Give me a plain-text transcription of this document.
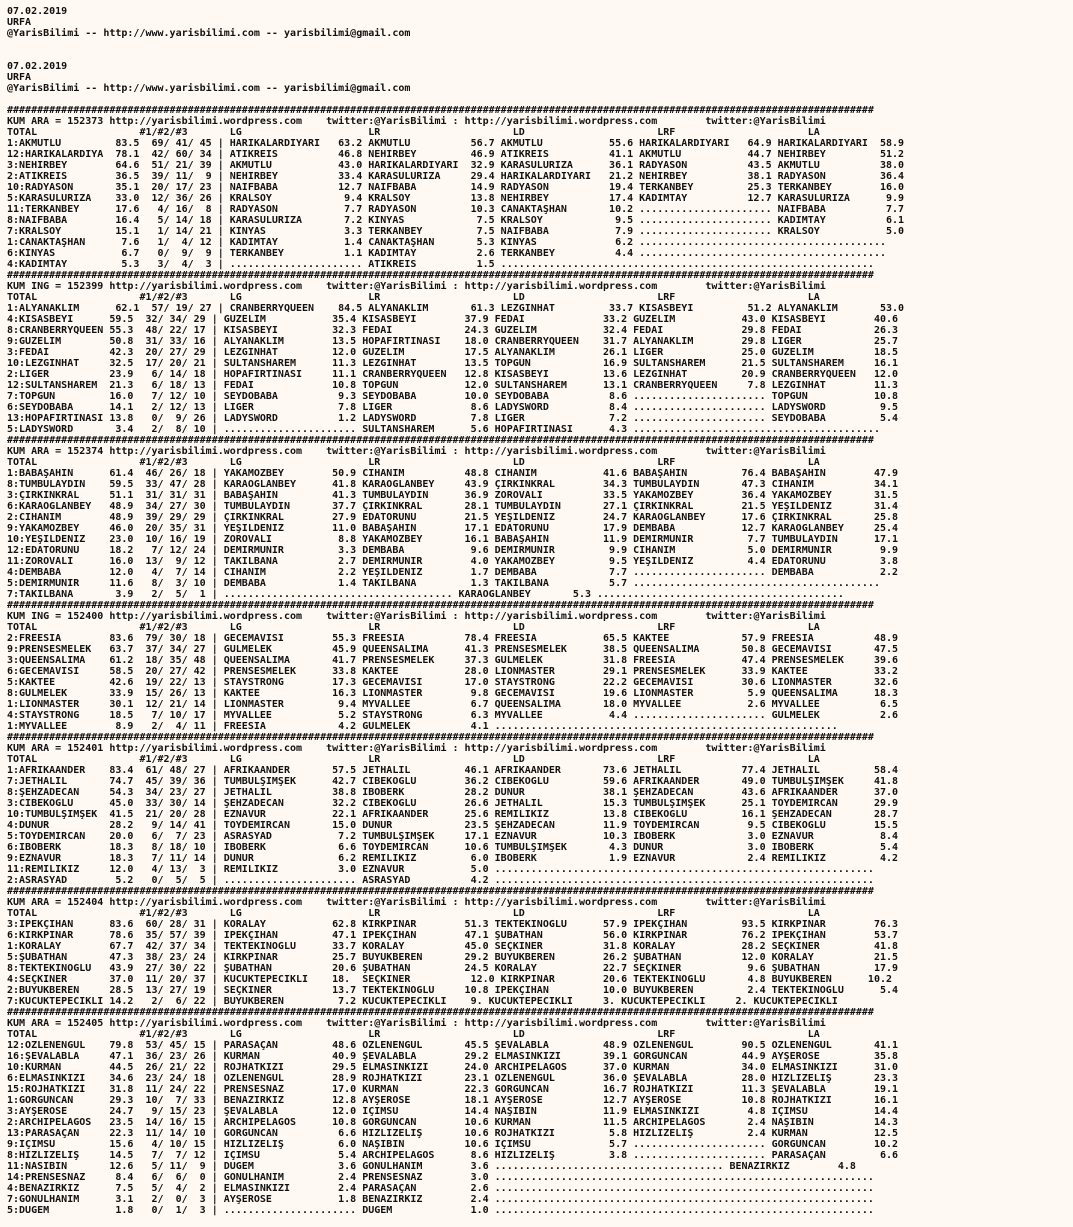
07.02.2019
URFA
@YarisBilimi -- http://www.yarisbilimi.com -- yarisbilimi@gmail.com

07.02.2019
URFA
@YarisBilimi -- http://www.yarisbilimi.com -- yarisbilimi@gmail.com

################################################################################################################################################
KUM ARA = 152373 http://yarisbilimi.wordpress.com    twitter:@YarisBilimi : http://yarisbilimi.wordpress.com        twitter:@YarisBilimi
TOTAL                 #1/#2/#3       LG                     LR                      LD                      LRF                      LA
1:AKMUTLU         83.5  69/ 41/ 45 | HARİKALARDİYARİ   63.2 AKMUTLU          56.7 AKMUTLU           55.6 HARİKALARDİYARİ   64.9 HARİKALARDİYARİ  58.9
12:HARİKALARDİYA  78.1  42/ 60/ 34 | ATİKREİS          46.8 NEHİRBEY         46.9 ATİKREİS          41.1 AKMUTLU           44.7 NEHİRBEY         51.2
3:NEHİRBEY        64.6  51/ 21/ 39 | AKMUTLU           43.0 HARİKALARDİYARİ  32.9 KARASULURİZA      36.1 RADYASON          43.5 AKMUTLU          38.0
2:ATİKREİS        36.5  39/ 11/  9 | NEHİRBEY          33.4 KARASULURİZA     29.4 HARİKALARDİYARİ   21.2 NEHİRBEY          38.1 RADYASON         36.4
10:RADYASON       35.1  20/ 17/ 23 | NAİFBABA          12.7 NAİFBABA         14.9 RADYASON          19.4 TERKANBEY         25.3 TERKANBEY        16.0
5:KARASULURİZA    33.0  12/ 36/ 26 | KRALSOY            9.4 KRALSOY          13.8 NEHİRBEY          17.4 KADİMTAY          12.7 KARASULURİZA      9.9
11:TERKANBEY      17.6   4/ 16/  8 | RADYASON           7.7 RADYASON         10.3 CANAKTAŞHAN       10.2 ...................... NAİFBABA          7.7
8:NAİFBABA        16.4   5/ 14/ 18 | KARASULURİZA       7.2 KİNYAS            7.5 KRALSOY            9.5 ...................... KADİMTAY          6.1
7:KRALSOY         15.1   1/ 14/ 21 | KİNYAS             3.3 TERKANBEY         7.5 NAİFBABA           7.9 ...................... KRALSOY           5.0
1:CANAKTAŞHAN      7.6   1/  4/ 12 | KADİMTAY           1.4 CANAKTAŞHAN       5.3 KİNYAS             6.2 .........................................
6:KİNYAS           6.7   0/  9/  9 | TERKANBEY          1.1 KADİMTAY          2.6 TERKANBEY          4.4 .........................................
4:KADİMTAY         5.3   3/  4/  3 | ...................... ATİKREİS          1.5 ..............................................................
################################################################################################################################################
KUM ING = 152399 http://yarisbilimi.wordpress.com    twitter:@YarisBilimi : http://yarisbilimi.wordpress.com        twitter:@YarisBilimi
TOTAL                 #1/#2/#3       LG                     LR                      LD                      LRF                      LA
1:ALYANAKLIM      62.1  57/ 19/ 27 | CRANBERRYQUEEN    84.5 ALYANAKLIM       61.3 LEZGİNHAT         33.7 KISASBEYİ         51.2 ALYANAKLIM       53.0
4:KISASBEYİ      59.5  32/ 34/ 29 | GUZELİM           35.4 KISASBEYİ        37.9 FEDAİ             33.2 GUZELİM           43.0 KISASBEYİ        40.6
8:CRANBERRYQUEEN 55.3  48/ 22/ 17 | KISASBEYİ         32.3 FEDAİ            24.3 GUZELİM           32.4 FEDAİ             29.8 FEDAİ            26.3
9:GUZELİM        50.8  31/ 33/ 16 | ALYANAKLIM        13.5 HOPAFIRTINASI    18.0 CRANBERRYQUEEN    31.7 ALYANAKLIM        29.8 LİGER            25.7
3:FEDAİ          42.3  20/ 27/ 29 | LEZGİNHAT         12.0 GUZELİM          17.5 ALYANAKLIM        26.1 LİGER             25.0 GUZELİM          18.5
10:LEZGİNHAT     32.5  17/ 20/ 21 | SULTANSHAREM      11.3 LEZGİNHAT        13.5 TOPGUN            16.9 SULTANSHAREM      21.5 SULTANSHAREM     16.1
2:LİGER          23.9   6/ 14/ 18 | HOPAFIRTINASI     11.1 CRANBERRYQUEEN   12.8 KISASBEYİ         13.6 LEZGİNHAT         20.9 CRANBERRYQUEEN   12.0
12:SULTANSHAREM  21.3   6/ 18/ 13 | FEDAİ             10.8 TOPGUN           12.0 SULTANSHAREM      13.1 CRANBERRYQUEEN     7.8 LEZGİNHAT        11.3
7:TOPGUN         16.0   7/ 12/ 10 | SEYDOBABA          9.3 SEYDOBABA        10.0 SEYDOBABA          8.6 ...................... TOPGUN           10.8
6:SEYDOBABA      14.1   2/ 12/ 13 | LİGER              7.8 LİGER             8.6 LADYSWORD          8.4 ...................... LADYSWORD         9.5
13:HOPAFIRTINASI 13.8   0/  9/ 26 | LADYSWORD          1.2 LADYSWORD         7.8 LİGER              7.2 ...................... SEYDOBABA         5.4
5:LADYSWORD       3.4   2/  8/ 10 | ...................... SULTANSHAREM      5.6 HOPAFIRTINASI      4.3 .........................................
################################################################################################################################################
KUM ARA = 152374 http://yarisbilimi.wordpress.com    twitter:@YarisBilimi : http://yarisbilimi.wordpress.com        twitter:@YarisBilimi
TOTAL                 #1/#2/#3       LG                     LR                      LD                      LRF                      LA
1:BABAŞAHİN      61.4  46/ 26/ 18 | YAKAMOZBEY        50.9 CİHANIM          48.8 CİHANIM           41.6 BABAŞAHİN         76.4 BABAŞAHİN        47.9
8:TUMBULAYDIN    59.5  33/ 47/ 28 | KARAOGLANBEY      41.8 KARAOGLANBEY     43.9 ÇİRKİNKRAL        34.3 TUMBULAYDIN       47.3 CİHANIM          34.1
3:ÇİRKİNKRAL     51.1  31/ 31/ 31 | BABAŞAHİN         41.3 TUMBULAYDIN      36.9 ZOROVALI          33.5 YAKAMOZBEY        36.4 YAKAMOZBEY       31.5
6:KARAOGLANBEY   48.9  34/ 27/ 30 | TUMBULAYDIN       37.7 ÇİRKİNKRAL       28.1 TUMBULAYDIN       27.1 ÇİRKİNKRAL        21.5 YEŞİLDENİZ       31.4
2:CİHANIM        48.9  39/ 29/ 29 | ÇİRKİNKRAL        27.9 EDATORUNU        21.5 YEŞİLDENİZ        24.7 KARAOGLANBEY      17.6 ÇİRKİNKRAL       25.8
9:YAKAMOZBEY     46.0  20/ 35/ 31 | YEŞİLDENİZ        11.0 BABAŞAHİN        17.1 EDATORUNU         17.9 DEMBABA           12.7 KARAOGLANBEY     25.4
10:YEŞİLDENİZ    23.0  10/ 16/ 19 | ZOROVALI           8.8 YAKAMOZBEY       16.1 BABAŞAHİN         11.9 DEMİRMUNİR         7.7 TUMBULAYDIN      17.1
12:EDATORUNU     18.2   7/ 12/ 24 | DEMİRMUNİR         3.3 DEMBABA           9.6 DEMİRMUNİR         9.9 CİHANIM            5.0 DEMİRMUNİR        9.9
11:ZOROVALI      16.0  13/  9/ 12 | TAKILBANA          2.7 DEMİRMUNİR        4.0 YAKAMOZBEY         9.5 YEŞİLDENİZ         4.4 EDATORUNU         3.8
4:DEMBABA        12.0   4/  7/ 14 | CİHANIM            2.2 YEŞİLDENİZ        1.7 DEMBABA            7.7 ...................... DEMBABA           2.2
5:DEMİRMUNİR     11.6   8/  3/ 10 | DEMBABA            1.4 TAKILBANA         1.3 TAKILBANA          5.7 .........................................
7:TAKILBANA       3.9   2/  5/  1 | ...................................... KARAOGLANBEY       5.3 .........................................
################################################################################################################################################
KUM ING = 152400 http://yarisbilimi.wordpress.com    twitter:@YarisBilimi : http://yarisbilimi.wordpress.com        twitter:@YarisBilimi
TOTAL                 #1/#2/#3       LG                     LR                      LD                      LRF                      LA
2:FREESIA        83.6  79/ 30/ 18 | GECEMAVİSİ        55.3 FREESIA          78.4 FREESIA           65.5 KAKTEE            57.9 FREESIA          48.9
9:PRENSESMELEK   63.7  37/ 34/ 27 | GULMELEK          45.9 QUEENSALIMA      41.3 PRENSESMELEK      38.5 QUEENSALIMA       50.8 GECEMAVİSİ       47.5
3:QUEENSALIMA    61.2  18/ 35/ 48 | QUEENSALIMA       41.7 PRENSESMELEK     37.3 GULMELEK          31.8 FREESIA           47.4 PRENSESMELEK     39.6
6:GECEMAVİSİ     58.5  20/ 27/ 42 | PRENSESMELEK      33.8 KAKTEE           28.0 LIONMASTER        29.1 PRENSESMELEK      33.9 KAKTEE           33.2
5:KAKTEE         42.6  19/ 22/ 13 | STAYSTRONG        17.3 GECEMAVİSİ       17.0 STAYSTRONG        22.2 GECEMAVİSİ        30.6 LIONMASTER       32.6
8:GULMELEK       33.9  15/ 26/ 13 | KAKTEE            16.3 LIONMASTER        9.8 GECEMAVİSİ        19.6 LIONMASTER         5.9 QUEENSALIMA      18.3
1:LIONMASTER     30.1  12/ 21/ 14 | LIONMASTER         9.4 MYVALLEE          6.7 QUEENSALIMA       18.0 MYVALLEE           2.6 MYVALLEE          6.5
4:STAYSTRONG     18.5   7/ 10/ 17 | MYVALLEE           5.2 STAYSTRONG        6.3 MYVALLEE           4.4 ...................... GULMELEK          2.6
1:MYVALLEE        8.9   2/  4/ 11 | FREESIA            4.2 GULMELEK          4.1 .........................................................
################################################################################################################################################
KUM ARA = 152401 http://yarisbilimi.wordpress.com    twitter:@YarisBilimi : http://yarisbilimi.wordpress.com        twitter:@YarisBilimi
TOTAL                 #1/#2/#3       LG                     LR                      LD                      LRF                      LA
1:AFRİKAANDER    83.4  61/ 48/ 27 | AFRİKAANDER       57.5 JETHALİL         46.1 AFRİKAANDER       73.6 JETHALİL          77.4 JETHALİL         58.4
7:JETHALİL       74.7  45/ 39/ 36 | TUMBULŞİMŞEK      42.7 CİBEKOGLU        36.2 CİBEKOGLU         59.6 AFRİKAANDER       49.0 TUMBULŞİMŞEK     41.8
8:ŞEHZADECAN     54.3  34/ 23/ 27 | JETHALİL          38.8 İBOBERK          28.2 DUNUR             38.1 ŞEHZADECAN        43.6 AFRİKAANDER      37.0
3:CİBEKOGLU      45.0  33/ 30/ 14 | ŞEHZADECAN        32.2 CİBEKOGLU        26.6 JETHALİL          15.3 TUMBULŞİMŞEK      25.1 TOYDEMİRCAN      29.9
10:TUMBULŞİMŞEK  41.5  21/ 20/ 28 | EZNAVUR           22.1 AFRİKAANDER      25.6 REMİLİKIZ         13.8 CİBEKOGLU         16.1 ŞEHZADECAN       28.7
4:DUNUR          28.2   9/ 14/ 41 | TOYDEMİRCAN       15.0 DUNUR            23.5 ŞEHZADECAN        11.9 TOYDEMİRCAN        9.5 CİBEKOGLU        15.5
5:TOYDEMİRCAN    20.0   6/  7/ 23 | ASRASYAD           7.2 TUMBULŞİMŞEK     17.1 EZNAVUR           10.3 İBOBERK            3.0 EZNAVUR           8.4
6:İBOBERK        18.3   8/ 18/ 10 | İBOBERK            6.6 TOYDEMİRCAN      10.6 TUMBULŞİMŞEK       4.3 DUNUR              3.0 İBOBERK           5.4
9:EZNAVUR        18.3   7/ 11/ 14 | DUNUR              6.2 REMİLİKIZ         6.0 İBOBERK            1.9 EZNAVUR            2.4 REMİLİKIZ         4.2
11:REMİLİKIZ     12.0   4/ 13/  3 | REMİLİKIZ          3.0 EZNAVUR           5.0 ...............................................................
2:ASRASYAD        5.2   0/  5/  5 | ...................... ASRASYAD          4.2 ...............................................................
################################################################################################################################################
KUM ARA = 152404 http://yarisbilimi.wordpress.com    twitter:@YarisBilimi : http://yarisbilimi.wordpress.com        twitter:@YarisBilimi
TOTAL                 #1/#2/#3       LG                     LR                      LD                      LRF                      LA
3:İPEKÇİHAN      83.6  60/ 28/ 31 | KORALAY           62.8 KIRKPINAR        51.3 TEKTEKİNOĞLU      57.9 İPEKÇİHAN         93.5 KIRKPINAR        76.3
6:KIRKPINAR      78.6  35/ 57/ 39 | İPEKÇİHAN         47.1 İPEKÇİHAN        47.1 ŞUBATHAN          56.0 KIRKPINAR         76.2 İPEKÇİHAN        53.7
1:KORALAY        67.7  42/ 37/ 34 | TEKTEKİNOĞLU      33.7 KORALAY          45.0 SEÇKİNER          31.8 KORALAY           28.2 SEÇKİNER         41.8
5:ŞUBATHAN       47.3  38/ 23/ 24 | KIRKPINAR         25.7 BUYUKBEREN       29.2 BUYUKBEREN        26.2 ŞUBATHAN          12.0 KORALAY          21.5
8:TEKTEKİNOĞLU   43.9  27/ 30/ 22 | ŞUBATHAN          20.6 ŞUBATHAN         24.5 KORALAY           22.7 SEÇKİNER           9.6 ŞUBATHAN         17.9
4:SEÇKİNER       37.0  11/ 20/ 37 | KUCUKTEPECİKLİ    18.  SEÇKİNER          12.0 KIRKPINAR        20.6 TEKTEKİNOĞLU       4.8 BUYUKBEREN      10.2
2:BUYUKBEREN     28.5  13/ 27/ 19 | SEÇKİNER          13.7 TEKTEKİNOĞLU     10.8 İPEKÇİHAN         10.0 BUYUKBEREN         2.4 TEKTEKİNOĞLU      5.4
7:KUCUKTEPECİKLİ 14.2   2/  6/ 22 | BUYUKBEREN         7.2 KUCUKTEPECİKLİ    9. KUCUKTEPECİKLİ     3. KUCUKTEPECİKLİ     2. KUCUKTEPECİKLİ
################################################################################################################################################
KUM ARA = 152405 http://yarisbilimi.wordpress.com    twitter:@YarisBilimi : http://yarisbilimi.wordpress.com        twitter:@YarisBilimi
TOTAL                 #1/#2/#3       LG                     LR                      LD                      LRF                      LA
12:ÖZLENENGÜL    79.8  53/ 45/ 15 | PARASAÇAN         48.6 ÖZLENENGÜL       45.5 ŞEVALABLA         48.9 ÖZLENENGÜL        90.5 ÖZLENENGÜL       41.1
16:ŞEVALABLA     47.1  36/ 23/ 26 | KURMAN            40.9 ŞEVALABLA        29.2 ELMASINKIZI       39.1 GORGUNCAN         44.9 AYŞEROSE         35.8
10:KURMAN        44.5  26/ 21/ 22 | ROJHATKIZI        29.5 ELMASINKIZI      24.0 ARCHİPELAGOS      37.0 KURMAN            34.0 ELMASINKIZI      31.0
6:ELMASINKIZI    34.6  23/ 24/ 18 | ÖZLENENGÜL        28.9 ROJHATKIZI       23.1 ÖZLENENGÜL        36.0 ŞEVALABLA         28.0 HIZLİZELİŞ       23.3
15:ROJHATKIZI    31.8  11/ 24/ 22 | PRENSESNAZ        17.0 KURMAN           22.3 GORGUNCAN         16.7 ROJHATKIZI        11.3 ŞEVALABLA        19.1
1:GORGUNCAN      29.3  10/  7/ 33 | BENAZIRKIZ        12.8 AYŞEROSE         18.1 AYŞEROSE          12.7 AYŞEROSE          10.8 ROJHATKIZI       16.1
3:AYŞEROSE       24.7   9/ 15/ 23 | ŞEVALABLA         12.0 İÇİMSU           14.4 NAŞİBİN           11.9 ELMASINKIZI        4.8 İÇİMSU           14.4
2:ARCHİPELAGOS   23.5  14/ 16/ 15 | ARCHİPELAGOS      10.8 GORGUNCAN        10.6 KURMAN            11.5 ARCHİPELAGOS       2.4 NAŞİBİN          14.3
13:PARASAÇAN     22.3  11/ 14/ 10 | GORGUNCAN          6.6 HIZLİZELİŞ       10.6 ROJHATKIZI         5.8 HIZLİZELİŞ         2.4 KURMAN           12.5
9:İÇİMSU         15.6   4/ 10/ 15 | HIZLİZELİŞ         6.0 NAŞİBİN          10.6 İÇİMSU             5.7 ...................... GORGUNCAN        10.2
8:HIZLİZELİŞ     14.5   7/  7/ 12 | İÇİMSU             5.4 ARCHİPELAGOS      8.6 HIZLİZELİŞ         3.8 ...................... PARASAÇAN         6.6
11:NASIBIN       12.6   5/ 11/  9 | DUGEM              3.6 GONULHANIM        3.6 ...................................... BENAZIRKIZ        4.8
14:PRENSESNAZ     8.4   6/  6/  0 | GONULHANIM         2.4 PRENSESNAZ        3.0 ...............................................................
4:BENAZIRKIZ      7.5   5/  4/  2 | ELMASINKIZI        2.4 PARASAÇAN         2.6 ...............................................................
7:GONULHANIM      3.1   2/  0/  3 | AYŞEROSE           1.8 BENAZIRKIZ        2.4 ...............................................................
5:DUGEM           1.8   0/  1/  3 | ...................... DUGEM             1.0 ...............................................................
